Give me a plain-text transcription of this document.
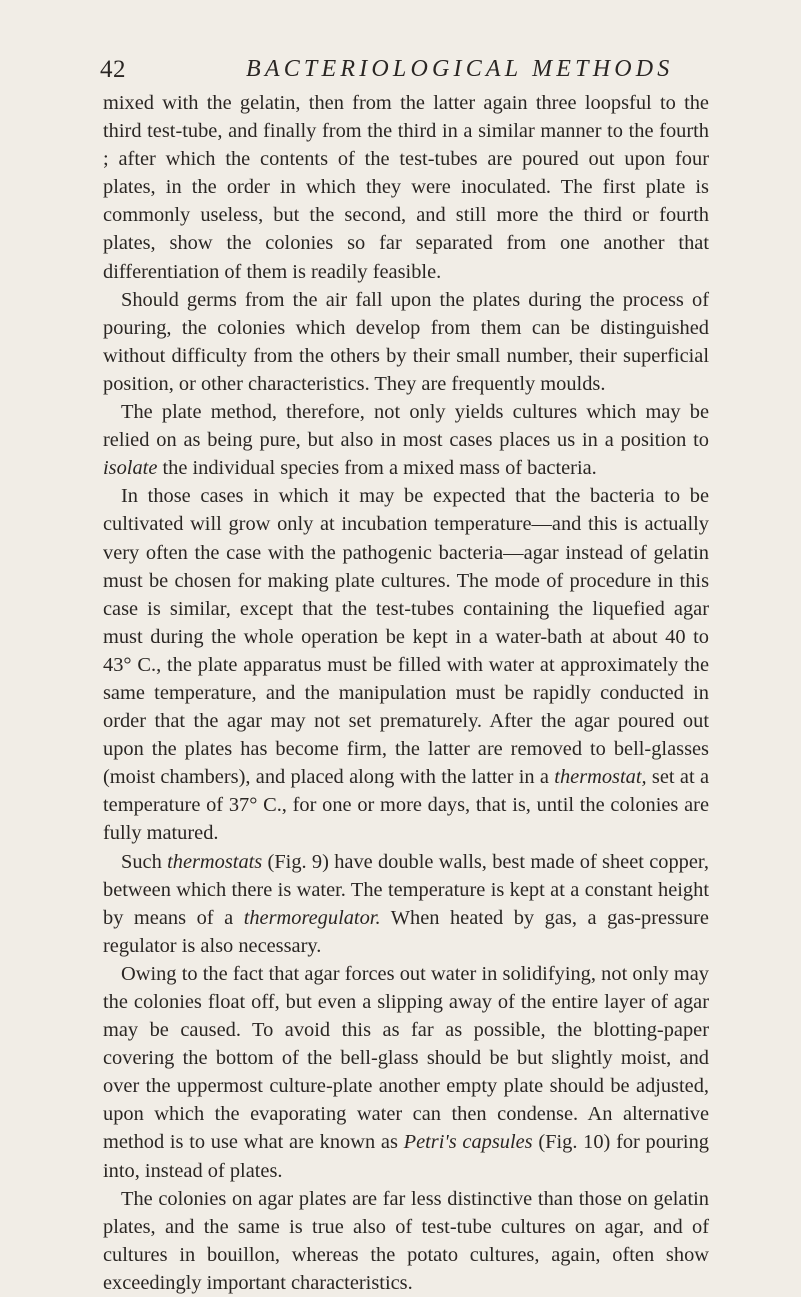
42	BACTERIOLOGICAL METHODS

mixed with the gelatin, then from the latter again three loopsful to the third test-tube, and finally from the third in a similar manner to the fourth ; after which the contents of the test-tubes are poured out upon four plates, in the order in which they were inoculated. The first plate is commonly useless, but the second, and still more the third or fourth plates, show the colonies so far separated from one another that differentiation of them is readily feasible.

Should germs from the air fall upon the plates during the process of pouring, the colonies which develop from them can be distinguished without difficulty from the others by their small number, their superficial position, or other characteristics. They are frequently moulds.

The plate method, therefore, not only yields cultures which may be relied on as being pure, but also in most cases places us in a position to isolate the individual species from a mixed mass of bacteria.

In those cases in which it may be expected that the bacteria to be cultivated will grow only at incubation temperature—and this is actually very often the case with the pathogenic bacteria—agar instead of gelatin must be chosen for making plate cultures. The mode of procedure in this case is similar, except that the test-tubes containing the liquefied agar must during the whole operation be kept in a water-bath at about 40 to 43° C., the plate apparatus must be filled with water at approximately the same temperature, and the manipulation must be rapidly conducted in order that the agar may not set prematurely. After the agar poured out upon the plates has become firm, the latter are removed to bell-glasses (moist chambers), and placed along with the latter in a thermostat, set at a temperature of 37° C., for one or more days, that is, until the colonies are fully matured.

Such thermostats (Fig. 9) have double walls, best made of sheet copper, between which there is water. The temperature is kept at a constant height by means of a thermoregulator. When heated by gas, a gas-pressure regulator is also necessary.

Owing to the fact that agar forces out water in solidifying, not only may the colonies float off, but even a slipping away of the entire layer of agar may be caused. To avoid this as far as possible, the blotting-paper covering the bottom of the bell-glass should be but slightly moist, and over the uppermost culture-plate another empty plate should be adjusted, upon which the evaporating water can then condense. An alternative method is to use what are known as Petri's capsules (Fig. 10) for pouring into, instead of plates.

The colonies on agar plates are far less distinctive than those on gelatin plates, and the same is true also of test-tube cultures on agar, and of cultures in bouillon, whereas the potato cultures, again, often show exceedingly important characteristics.
